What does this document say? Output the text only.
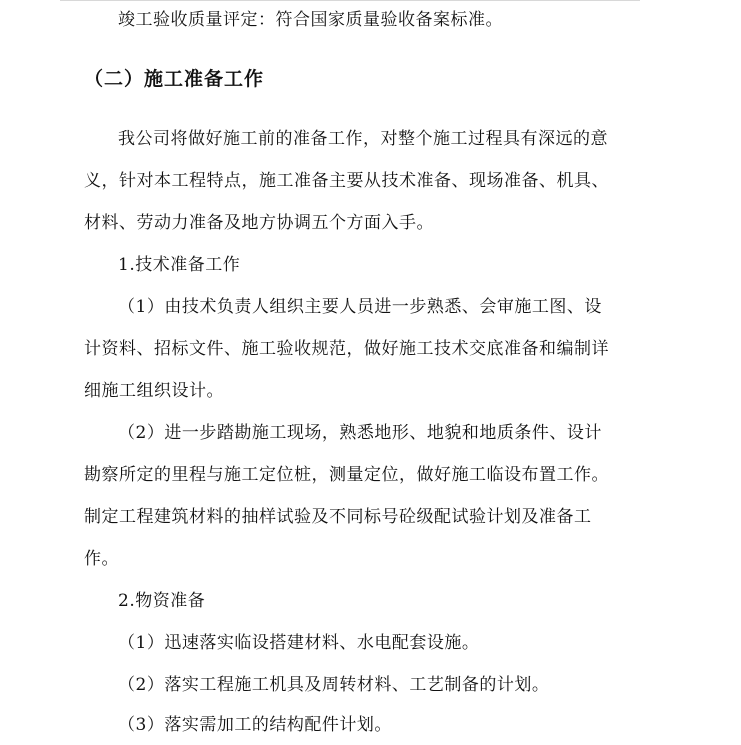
竣工验收质量评定：符合国家质量验收备案标准。
（二）施工准备工作
我公司将做好施工前的准备工作，对整个施工过程具有深远的意
义，针对本工程特点，施工准备主要从技术准备、现场准备、机具、
材料、劳动力准备及地方协调五个方面入手。
1.技术准备工作
（1）由技术负责人组织主要人员进一步熟悉、会审施工图、设
计资料、招标文件、施工验收规范，做好施工技术交底准备和编制详
细施工组织设计。
（2）进一步踏勘施工现场，熟悉地形、地貌和地质条件、设计
勘察所定的里程与施工定位桩，测量定位，做好施工临设布置工作。
制定工程建筑材料的抽样试验及不同标号砼级配试验计划及准备工
作。
2.物资准备
（1）迅速落实临设搭建材料、水电配套设施。
（2）落实工程施工机具及周转材料、工艺制备的计划。
（3）落实需加工的结构配件计划。
